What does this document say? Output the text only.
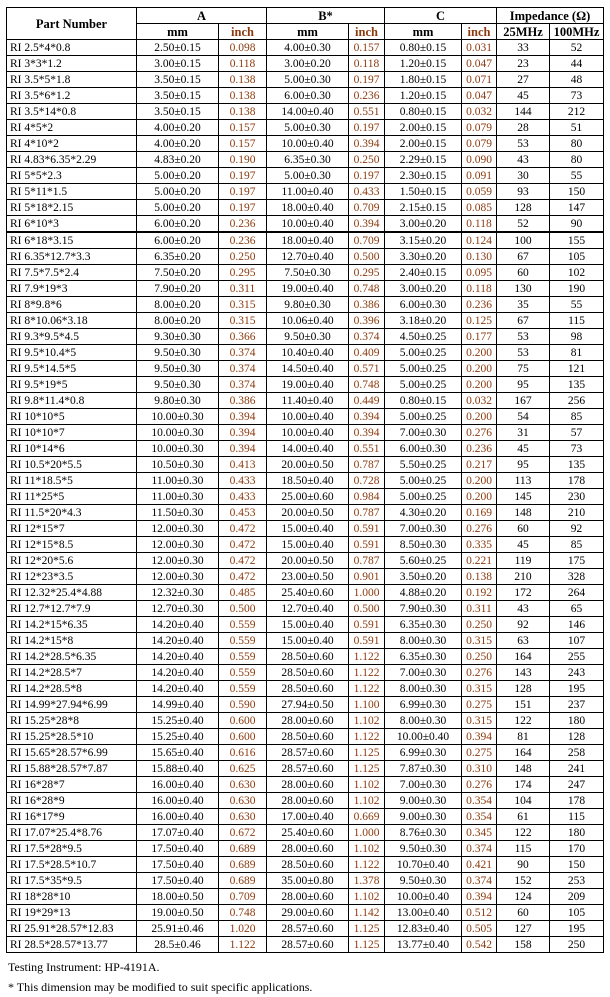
Part Number	A		B*		C		Impedance (Ω)	
	mm	inch	mm	inch	mm	inch	25MHz	100MHz
RI 2.5*4*0.8	2.50±0.15	0.098	4.00±0.30	0.157	0.80±0.15	0.031	33	52
RI 3*3*1.2	3.00±0.15	0.118	3.00±0.20	0.118	1.20±0.15	0.047	23	44
RI 3.5*5*1.8	3.50±0.15	0.138	5.00±0.30	0.197	1.80±0.15	0.071	27	48
RI 3.5*6*1.2	3.50±0.15	0.138	6.00±0.30	0.236	1.20±0.15	0.047	45	73
RI 3.5*14*0.8	3.50±0.15	0.138	14.00±0.40	0.551	0.80±0.15	0.032	144	212
RI 4*5*2	4.00±0.20	0.157	5.00±0.30	0.197	2.00±0.15	0.079	28	51
RI 4*10*2	4.00±0.20	0.157	10.00±0.40	0.394	2.00±0.15	0.079	53	80
RI 4.83*6.35*2.29	4.83±0.20	0.190	6.35±0.30	0.250	2.29±0.15	0.090	43	80
RI 5*5*2.3	5.00±0.20	0.197	5.00±0.30	0.197	2.30±0.15	0.091	30	55
RI 5*11*1.5	5.00±0.20	0.197	11.00±0.40	0.433	1.50±0.15	0.059	93	150
RI 5*18*2.15	5.00±0.20	0.197	18.00±0.40	0.709	2.15±0.15	0.085	128	147
RI 6*10*3	6.00±0.20	0.236	10.00±0.40	0.394	3.00±0.20	0.118	52	90
RI 6*18*3.15	6.00±0.20	0.236	18.00±0.40	0.709	3.15±0.20	0.124	100	155
RI 6.35*12.7*3.3	6.35±0.20	0.250	12.70±0.40	0.500	3.30±0.20	0.130	67	105
RI 7.5*7.5*2.4	7.50±0.20	0.295	7.50±0.30	0.295	2.40±0.15	0.095	60	102
RI 7.9*19*3	7.90±0.20	0.311	19.00±0.40	0.748	3.00±0.20	0.118	130	190
RI 8*9.8*6	8.00±0.20	0.315	9.80±0.30	0.386	6.00±0.30	0.236	35	55
RI 8*10.06*3.18	8.00±0.20	0.315	10.06±0.40	0.396	3.18±0.20	0.125	67	115
RI 9.3*9.5*4.5	9.30±0.30	0.366	9.50±0.30	0.374	4.50±0.25	0.177	53	98
RI 9.5*10.4*5	9.50±0.30	0.374	10.40±0.40	0.409	5.00±0.25	0.200	53	81
RI 9.5*14.5*5	9.50±0.30	0.374	14.50±0.40	0.571	5.00±0.25	0.200	75	121
RI 9.5*19*5	9.50±0.30	0.374	19.00±0.40	0.748	5.00±0.25	0.200	95	135
RI 9.8*11.4*0.8	9.80±0.30	0.386	11.40±0.40	0.449	0.80±0.15	0.032	167	256
RI 10*10*5	10.00±0.30	0.394	10.00±0.40	0.394	5.00±0.25	0.200	54	85
RI 10*10*7	10.00±0.30	0.394	10.00±0.40	0.394	7.00±0.30	0.276	31	57
RI 10*14*6	10.00±0.30	0.394	14.00±0.40	0.551	6.00±0.30	0.236	45	73
RI 10.5*20*5.5	10.50±0.30	0.413	20.00±0.50	0.787	5.50±0.25	0.217	95	135
RI 11*18.5*5	11.00±0.30	0.433	18.50±0.40	0.728	5.00±0.25	0.200	113	178
RI 11*25*5	11.00±0.30	0.433	25.00±0.60	0.984	5.00±0.25	0.200	145	230
RI 11.5*20*4.3	11.50±0.30	0.453	20.00±0.50	0.787	4.30±0.20	0.169	148	210
RI 12*15*7	12.00±0.30	0.472	15.00±0.40	0.591	7.00±0.30	0.276	60	92
RI 12*15*8.5	12.00±0.30	0.472	15.00±0.40	0.591	8.50±0.30	0.335	45	85
RI 12*20*5.6	12.00±0.30	0.472	20.00±0.50	0.787	5.60±0.25	0.221	119	175
RI 12*23*3.5	12.00±0.30	0.472	23.00±0.50	0.901	3.50±0.20	0.138	210	328
RI 12.32*25.4*4.88	12.32±0.30	0.485	25.40±0.60	1.000	4.88±0.20	0.192	172	264
RI 12.7*12.7*7.9	12.70±0.30	0.500	12.70±0.40	0.500	7.90±0.30	0.311	43	65
RI 14.2*15*6.35	14.20±0.40	0.559	15.00±0.40	0.591	6.35±0.30	0.250	92	146
RI 14.2*15*8	14.20±0.40	0.559	15.00±0.40	0.591	8.00±0.30	0.315	63	107
RI 14.2*28.5*6.35	14.20±0.40	0.559	28.50±0.60	1.122	6.35±0.30	0.250	164	255
RI 14.2*28.5*7	14.20±0.40	0.559	28.50±0.60	1.122	7.00±0.30	0.276	143	243
RI 14.2*28.5*8	14.20±0.40	0.559	28.50±0.60	1.122	8.00±0.30	0.315	128	195
RI 14.99*27.94*6.99	14.99±0.40	0.590	27.94±0.50	1.100	6.99±0.30	0.275	151	237
RI 15.25*28*8	15.25±0.40	0.600	28.00±0.60	1.102	8.00±0.30	0.315	122	180
RI 15.25*28.5*10	15.25±0.40	0.600	28.50±0.60	1.122	10.00±0.40	0.394	81	128
RI 15.65*28.57*6.99	15.65±0.40	0.616	28.57±0.60	1.125	6.99±0.30	0.275	164	258
RI 15.88*28.57*7.87	15.88±0.40	0.625	28.57±0.60	1.125	7.87±0.30	0.310	148	241
RI 16*28*7	16.00±0.40	0.630	28.00±0.60	1.102	7.00±0.30	0.276	174	247
RI 16*28*9	16.00±0.40	0.630	28.00±0.60	1.102	9.00±0.30	0.354	104	178
RI 16*17*9	16.00±0.40	0.630	17.00±0.40	0.669	9.00±0.30	0.354	61	115
RI 17.07*25.4*8.76	17.07±0.40	0.672	25.40±0.60	1.000	8.76±0.30	0.345	122	180
RI 17.5*28*9.5	17.50±0.40	0.689	28.00±0.60	1.102	9.50±0.30	0.374	115	170
RI 17.5*28.5*10.7	17.50±0.40	0.689	28.50±0.60	1.122	10.70±0.40	0.421	90	150
RI 17.5*35*9.5	17.50±0.40	0.689	35.00±0.80	1.378	9.50±0.30	0.374	152	253
RI 18*28*10	18.00±0.50	0.709	28.00±0.60	1.102	10.00±0.40	0.394	124	209
RI 19*29*13	19.00±0.50	0.748	29.00±0.60	1.142	13.00±0.40	0.512	60	105
RI 25.91*28.57*12.83	25.91±0.46	1.020	28.57±0.60	1.125	12.83±0.40	0.505	127	195
RI 28.5*28.57*13.77	28.5±0.46	1.122	28.57±0.60	1.125	13.77±0.40	0.542	158	250
Testing Instrument: HP-4191A.
* This dimension may be modified to suit specific applications.
